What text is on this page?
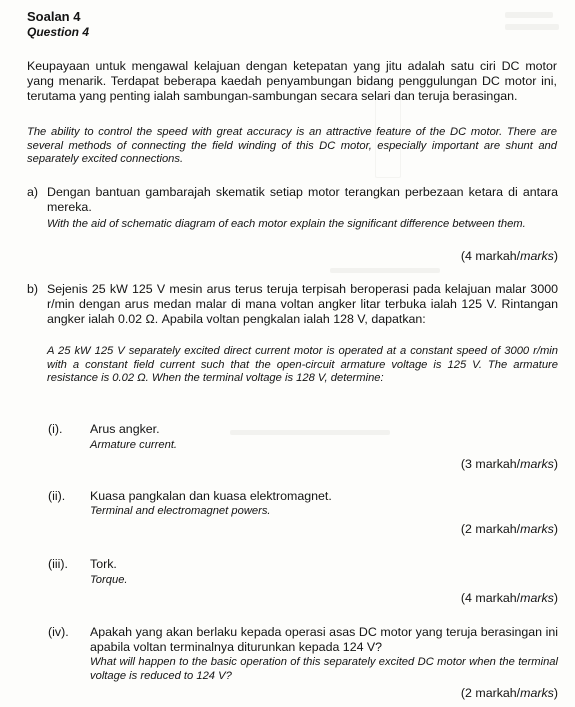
Soalan 4
Question 4
Keupayaan untuk mengawal kelajuan dengan ketepatan yang jitu adalah satu ciri DC motor yang menarik. Terdapat beberapa kaedah penyambungan bidang penggulungan DC motor ini, terutama yang penting ialah sambungan-sambungan secara selari dan teruja berasingan.
The ability to control the speed with great accuracy is an attractive feature of the DC motor. There are several methods of connecting the field winding of this DC motor, especially important are shunt and separately excited connections.
a) Dengan bantuan gambarajah skematik setiap motor terangkan perbezaan ketara di antara mereka.
With the aid of schematic diagram of each motor explain the significant difference between them.
(4 markah/marks)
b) Sejenis 25 kW 125 V mesin arus terus teruja terpisah beroperasi pada kelajuan malar 3000 r/min dengan arus medan malar di mana voltan angker litar terbuka ialah 125 V. Rintangan angker ialah 0.02 Ω. Apabila voltan pengkalan ialah 128 V, dapatkan:
A 25 kW 125 V separately excited direct current motor is operated at a constant speed of 3000 r/min with a constant field current such that the open-circuit armature voltage is 125 V. The armature resistance is 0.02 Ω. When the terminal voltage is 128 V, determine:
(i). Arus angker.
Armature current.
(3 markah/marks)
(ii). Kuasa pangkalan dan kuasa elektromagnet.
Terminal and electromagnet powers.
(2 markah/marks)
(iii). Tork.
Torque.
(4 markah/marks)
(iv). Apakah yang akan berlaku kepada operasi asas DC motor yang teruja berasingan ini apabila voltan terminalnya diturunkan kepada 124 V?
What will happen to the basic operation of this separately excited DC motor when the terminal voltage is reduced to 124 V?
(2 markah/marks)
